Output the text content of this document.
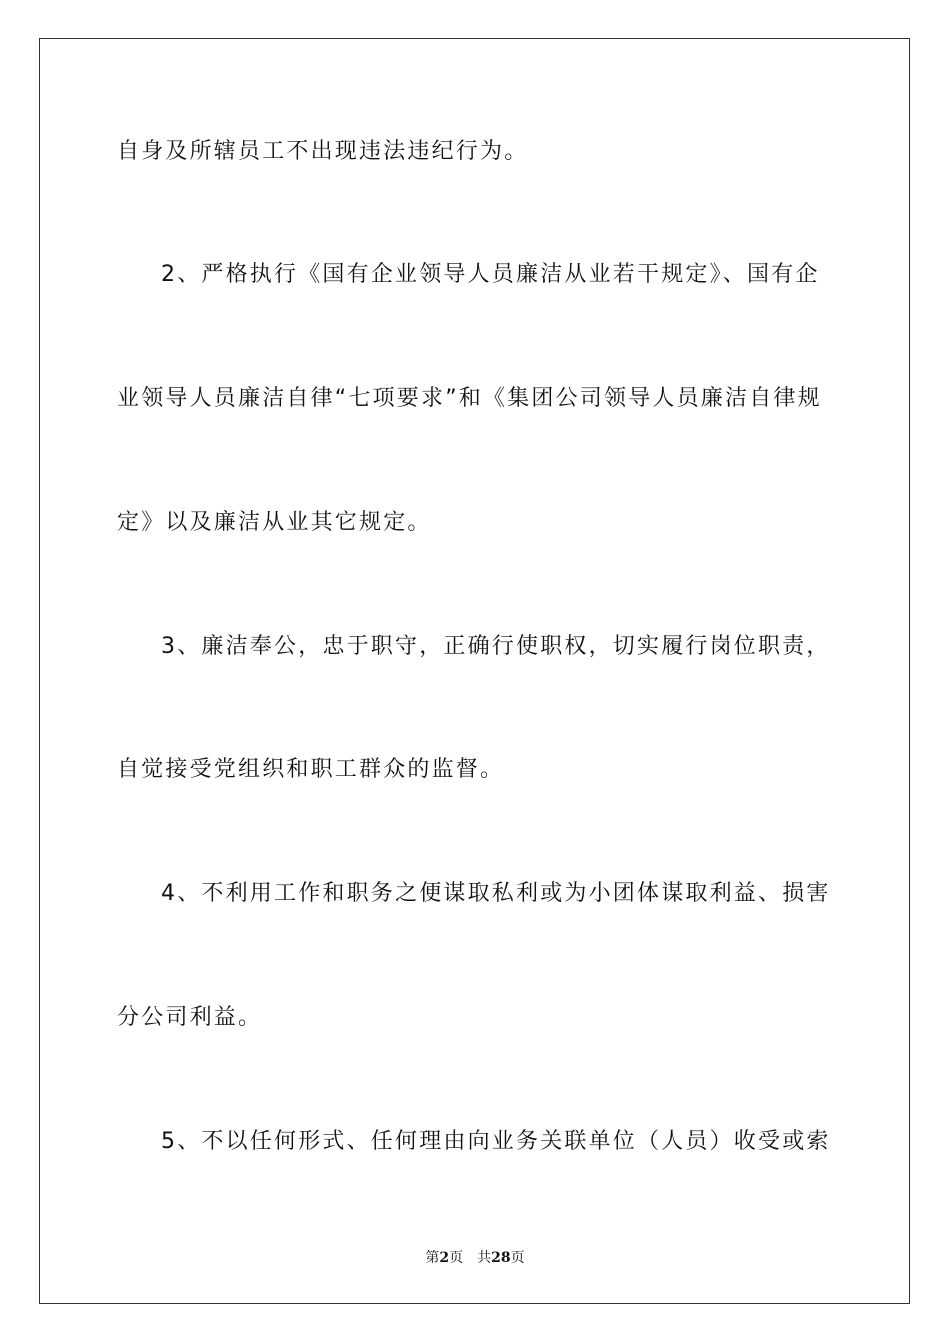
自身及所辖员工不出现违法违纪行为。
2、严格执行《国有企业领导人员廉洁从业若干规定》、国有企
业领导人员廉洁自律“七项要求”和《集团公司领导人员廉洁自律规
定》以及廉洁从业其它规定。
3、廉洁奉公，忠于职守，正确行使职权，切实履行岗位职责，
自觉接受党组织和职工群众的监督。
4、不利用工作和职务之便谋取私利或为小团体谋取利益、损害
分公司利益。
5、不以任何形式、任何理由向业务关联单位（人员）收受或索
第2页 共28页
